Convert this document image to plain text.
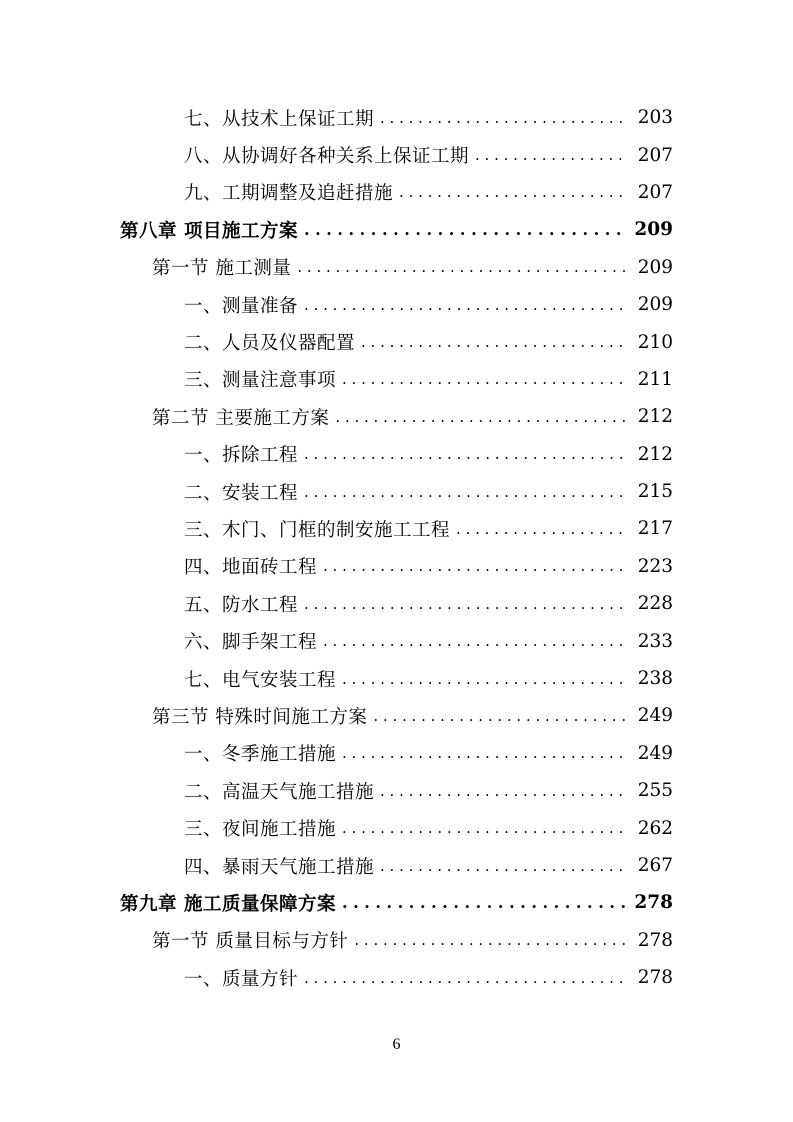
七、从技术上保证工期 . . .	203
八、从协调好各种关系上保证工期 . . .	207
九、工期调整及追赶措施 . . .	207
第八章 项目施工方案 . . .	209
第一节 施工测量 . . .	209
一、测量准备 . . .	209
二、人员及仪器配置 . . .	210
三、测量注意事项 . . .	211
第二节 主要施工方案 . . .	212
一、拆除工程 . . .	212
二、安装工程 . . .	215
三、木门、门框的制安施工工程 . . .	217
四、地面砖工程 . . .	223
五、防水工程 . . .	228
六、脚手架工程 . . .	233
七、电气安装工程 . . .	238
第三节 特殊时间施工方案 . . .	249
一、冬季施工措施 . . .	249
二、高温天气施工措施 . . .	255
三、夜间施工措施 . . .	262
四、暴雨天气施工措施 . . .	267
第九章 施工质量保障方案 . . .	278
第一节 质量目标与方针 . . .	278
一、质量方针 . . .	278
6
